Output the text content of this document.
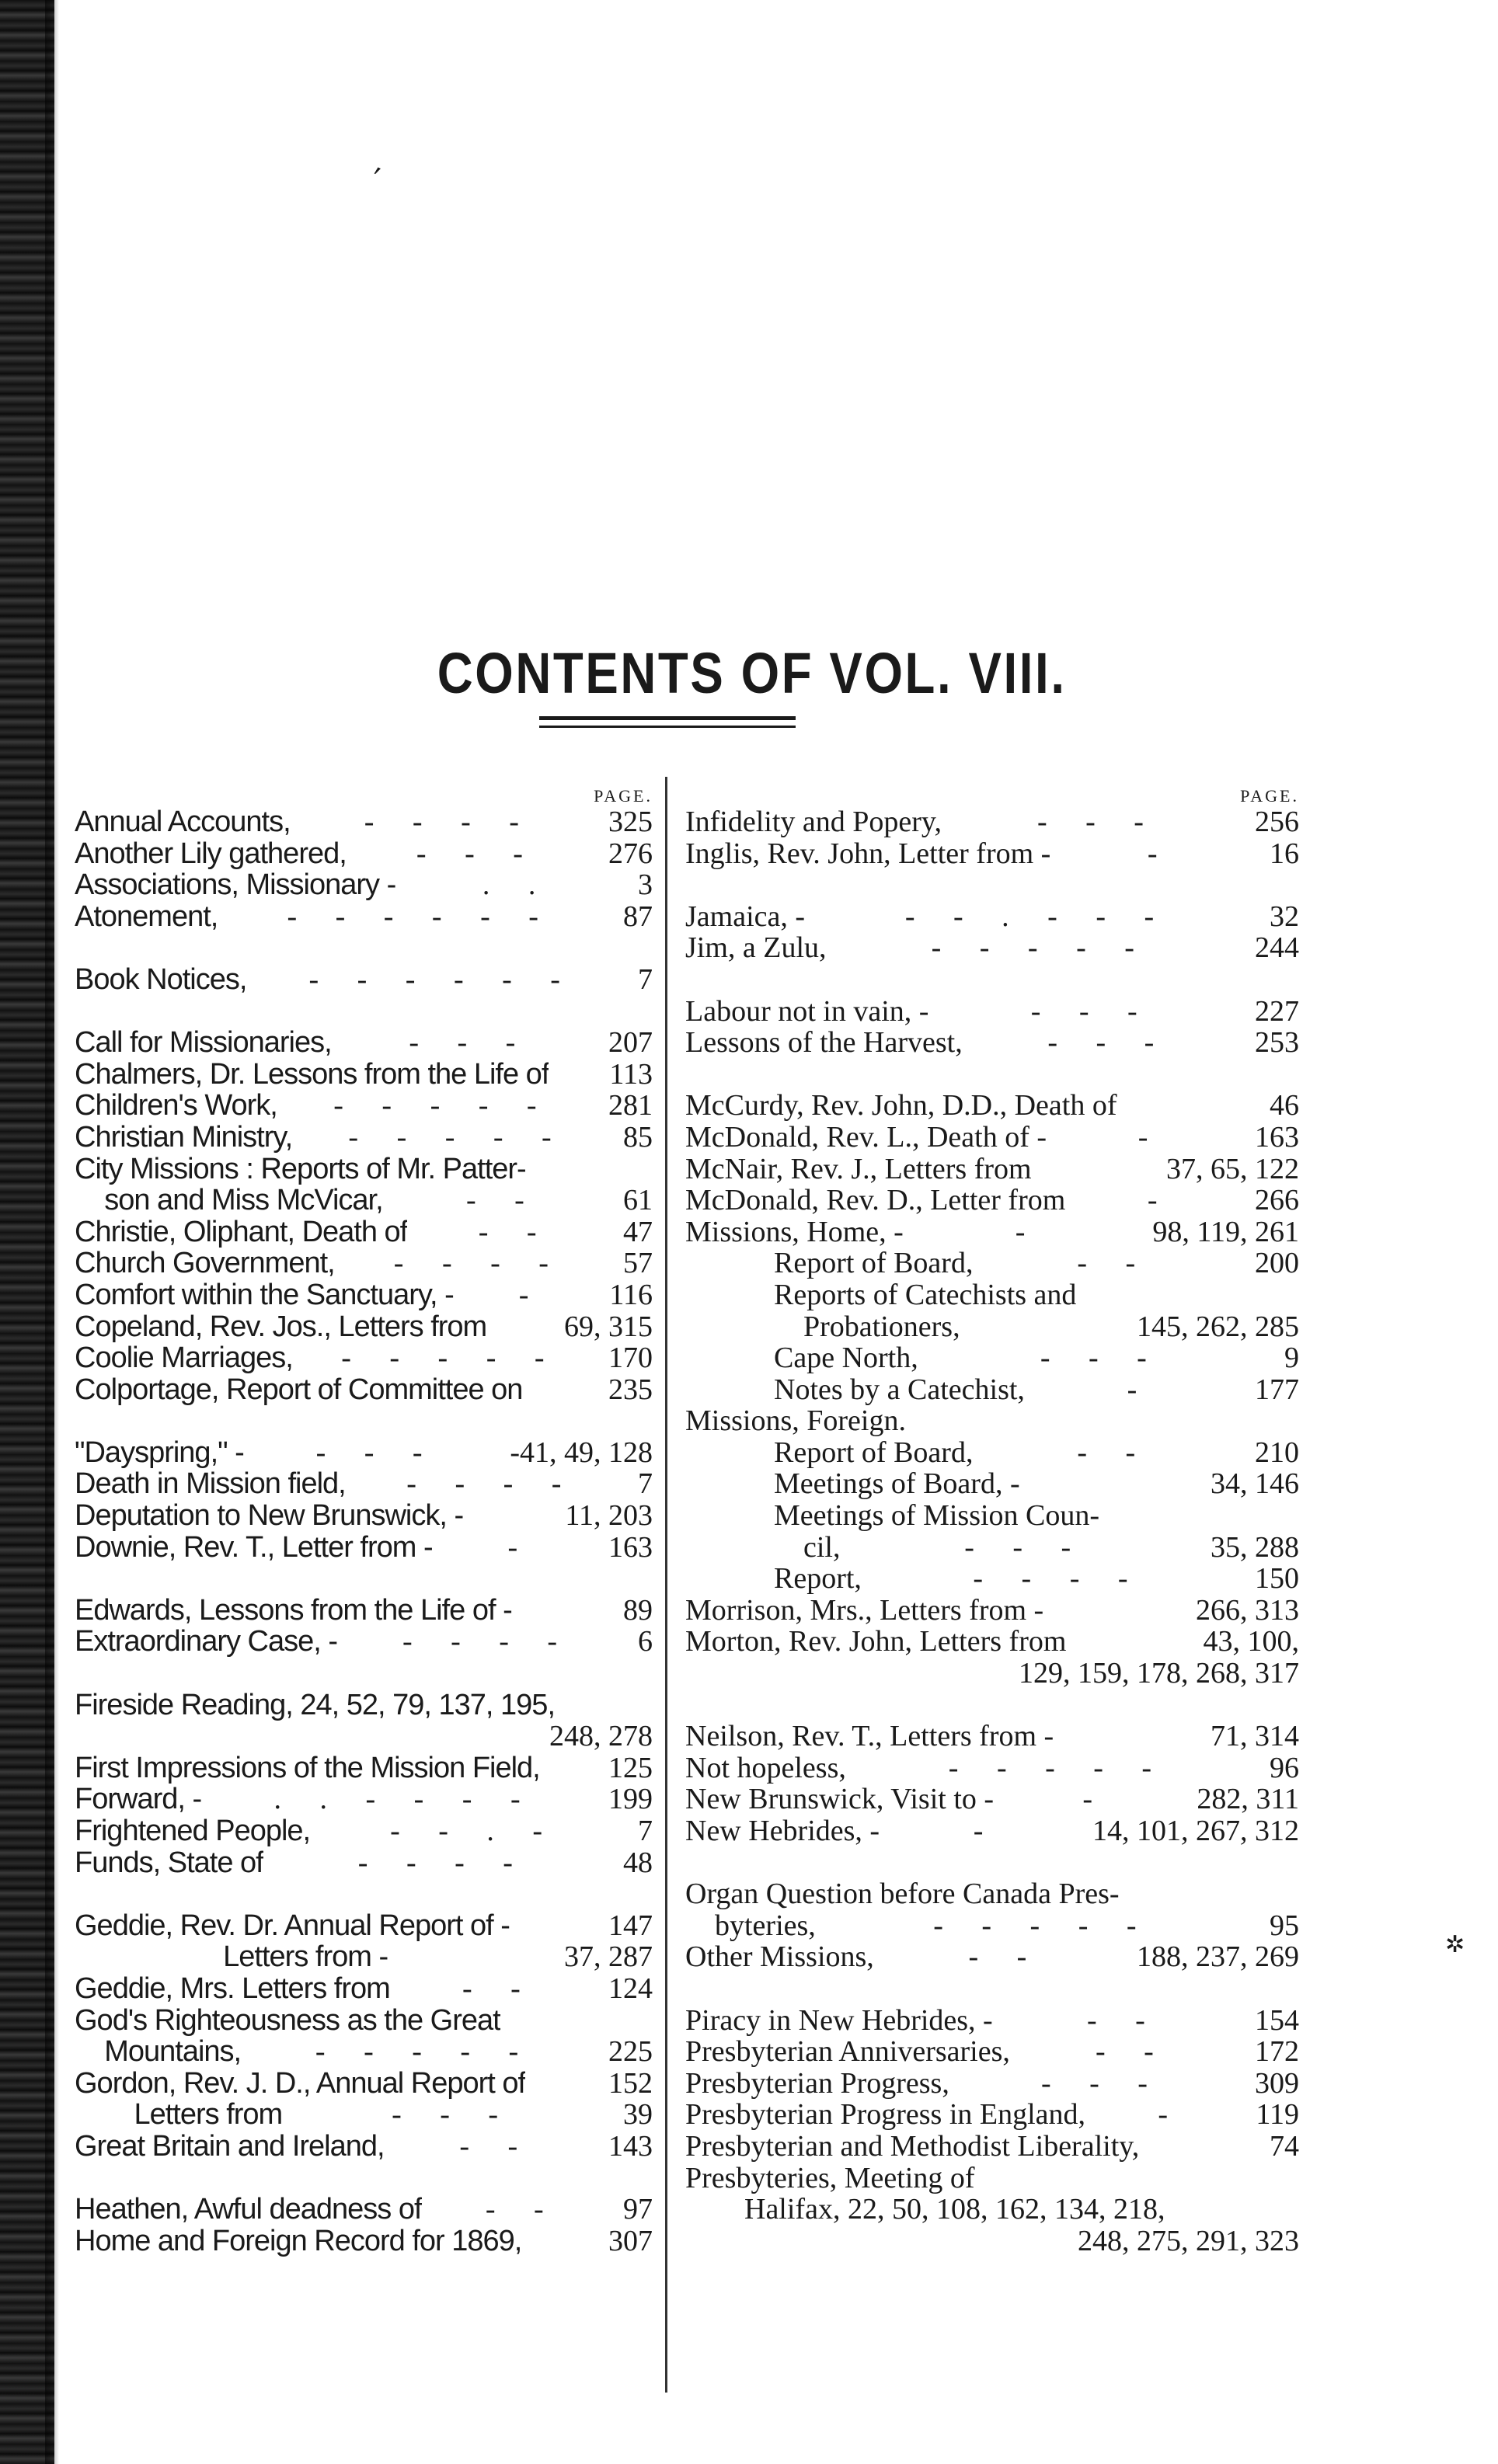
′
✲
CONTENTS OF VOL. VIII.
PAGE.
Annual Accounts,	- - - -	325
Another Lily gathered,	- - -	276
Associations, Missionary -	. .	3
Atonement,	- - - - - -	87
Book Notices,	- - - - - -	7
Call for Missionaries,	- - -	207
Chalmers, Dr. Lessons from the Life of 113
Children's Work,	- - - - -	281
Christian Ministry,	- - - - -	85
City Missions : Reports of Mr. Patter-
son and Miss McVicar,	- -	61
Christie, Oliphant, Death of	- -	47
Church Government,	- - - -	57
Comfort within the Sanctuary, -	-	116
Copeland, Rev. Jos., Letters from	69, 315
Coolie Marriages,	- - - - -	170
Colportage, Report of Committee on	235
"Dayspring," -	- - -	-41, 49, 128
Death in Mission field,	- - - -	7
Deputation to New Brunswick, -	11, 203
Downie, Rev. T., Letter from -	-	163
Edwards, Lessons from the Life of -	89
Extraordinary Case, -	- - - -	6
Fireside Reading, 24, 52, 79, 137, 195,
248, 278
First Impressions of the Mission Field, 125
Forward, -	. . - - - -	199
Frightened People,	- - . -	7
Funds, State of	- - - -	48
Geddie, Rev. Dr. Annual Report of -	147
Letters from -	37, 287
Geddie, Mrs. Letters from	- -	124
God's Righteousness as the Great
Mountains,	- - - - -	225
Gordon, Rev. J. D., Annual Report of	152
Letters from	- - -	39
Great Britain and Ireland,	- -	143
Heathen, Awful deadness of	- -	97
Home and Foreign Record for 1869,	307
PAGE.
Infidelity and Popery,	- - -	256
Inglis, Rev. John, Letter from -	-	16
Jamaica, -	- - . - - -	32
Jim, a Zulu,	- - - - -	244
Labour not in vain, -	- - -	227
Lessons of the Harvest,	- - -	253
McCurdy, Rev. John, D.D., Death of	46
McDonald, Rev. L., Death of -	-	163
McNair, Rev. J., Letters from	37, 65, 122
McDonald, Rev. D., Letter from	-	266
Missions, Home, -	-	98, 119, 261
Report of Board,	- -	200
Reports of Catechists and
Probationers,	145, 262, 285
Cape North,	- - -	9
Notes by a Catechist,	-	177
Missions, Foreign.
Report of Board,	- -	210
Meetings of Board, -	34, 146
Meetings of Mission Coun-
cil,	- - -	35, 288
Report,	- - - -	150
Morrison, Mrs., Letters from -	266, 313
Morton, Rev. John, Letters from	43, 100,
129, 159, 178, 268, 317
Neilson, Rev. T., Letters from -	71, 314
Not hopeless,	- - - - -	96
New Brunswick, Visit to -	-	282, 311
New Hebrides, -	-	14, 101, 267, 312
Organ Question before Canada Pres-
byteries,	- - - - -	95
Other Missions,	- -	188, 237, 269
Piracy in New Hebrides, -	- -	154
Presbyterian Anniversaries,	- -	172
Presbyterian Progress,	- - -	309
Presbyterian Progress in England,	-	119
Presbyterian and Methodist Liberality,	74
Presbyteries, Meeting of
Halifax, 22, 50, 108, 162, 134, 218,
248, 275, 291, 323
